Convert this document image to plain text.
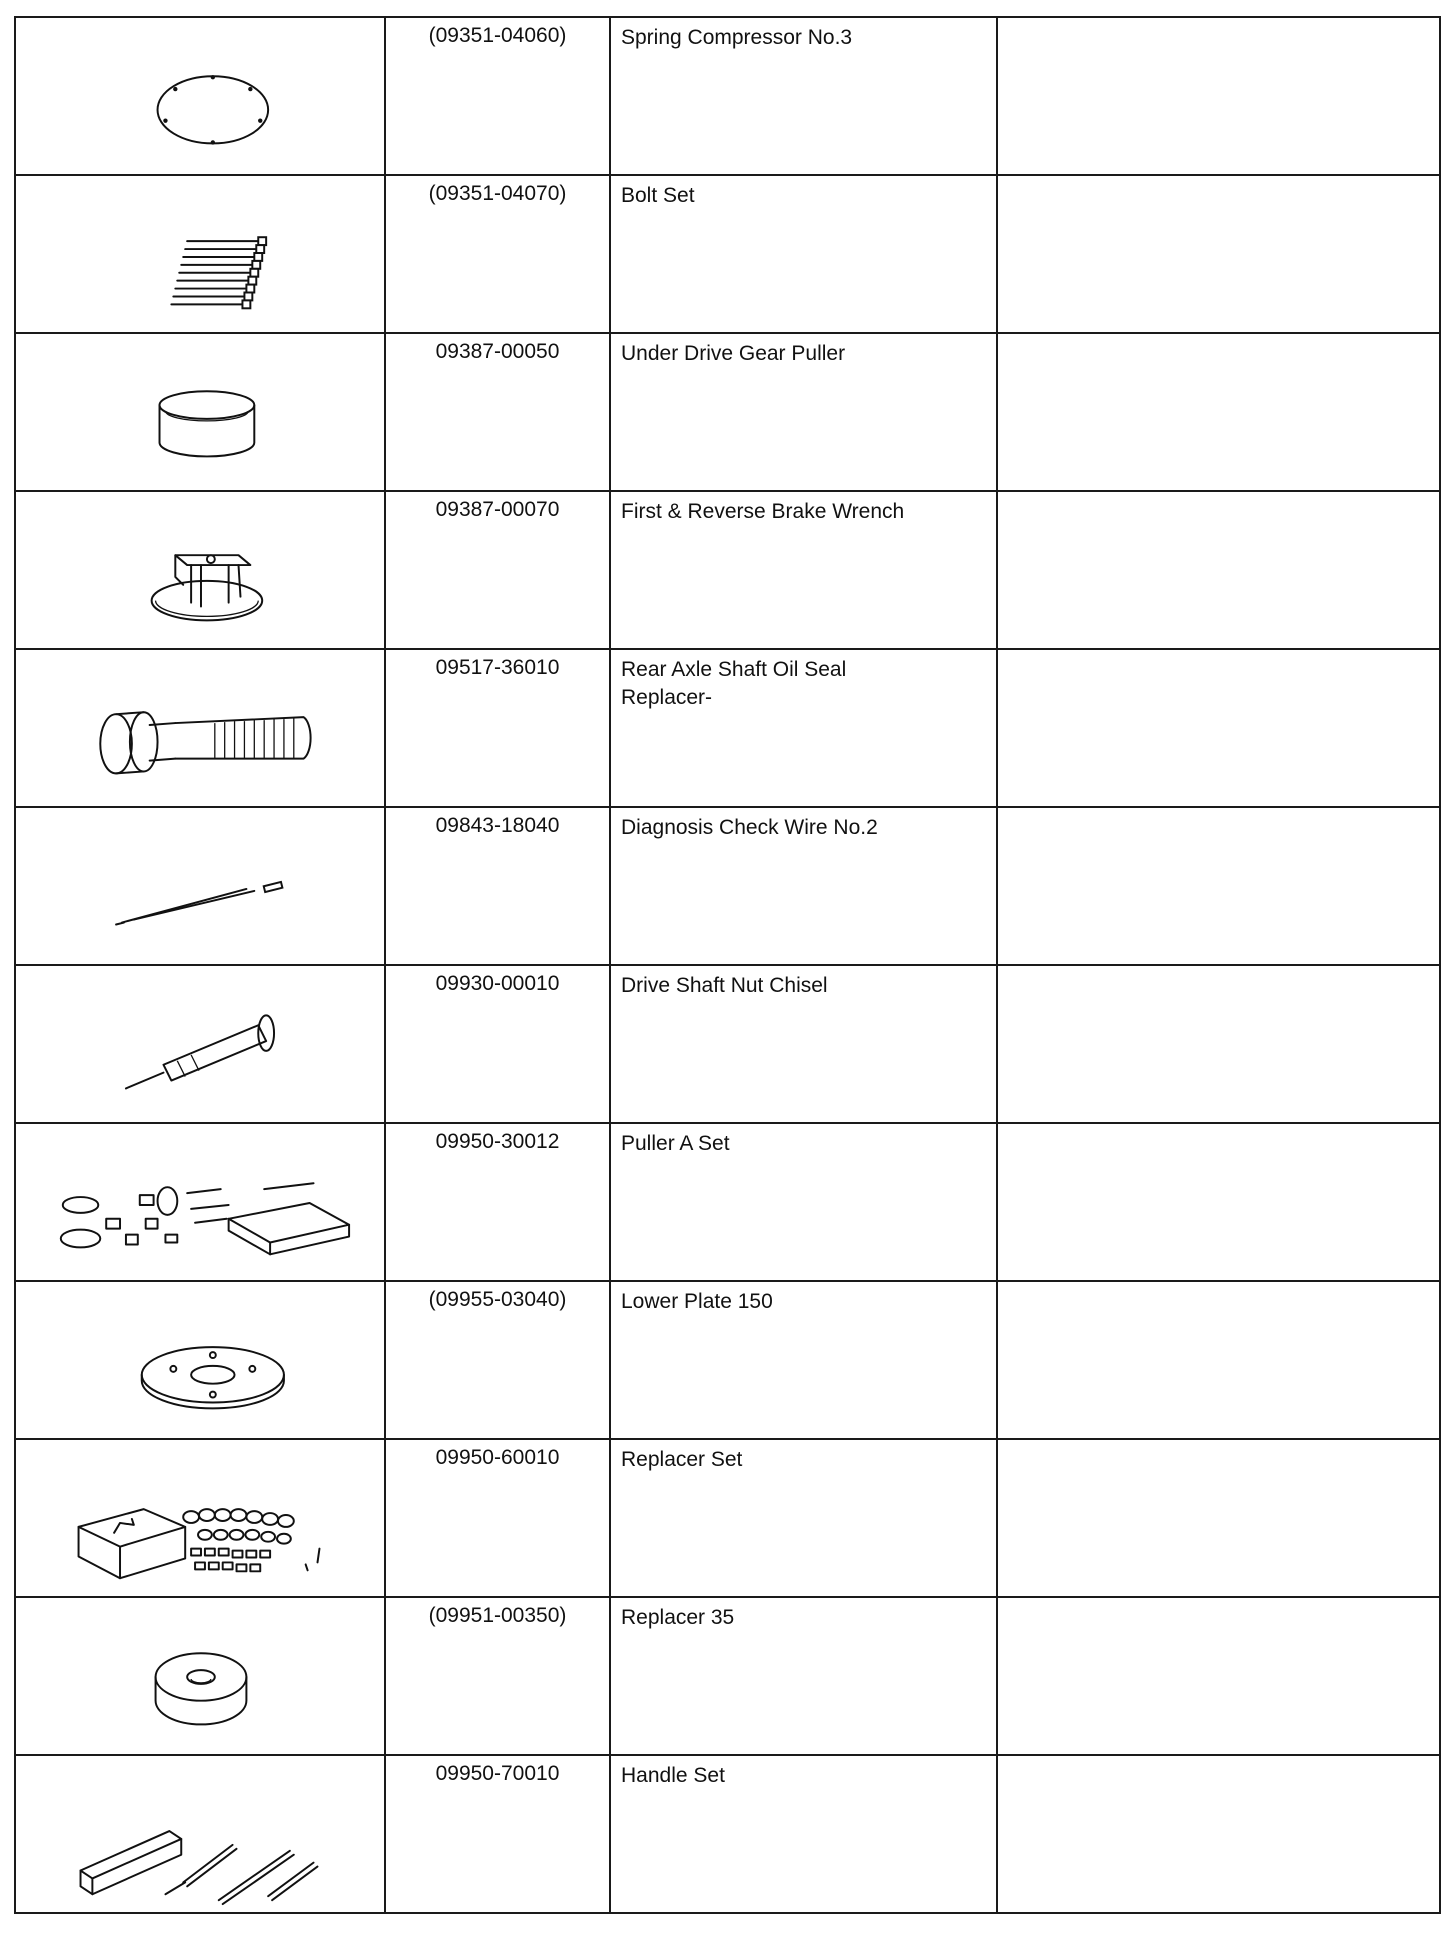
	(09351-04060)	Spring Compressor No.3	

	(09351-04070)	Bolt Set	

	09387-00050	Under Drive Gear Puller	

	09387-00070	First & Reverse Brake Wrench	

	09517-36010	Rear Axle Shaft Oil Seal
Replacer-	

	09843-18040	Diagnosis Check Wire No.2	

	09930-00010	Drive Shaft Nut Chisel	

	09950-30012	Puller A Set	

	(09955-03040)	Lower Plate 150	

	09950-60010	Replacer Set	

	(09951-00350)	Replacer 35	

	09950-70010	Handle Set	
